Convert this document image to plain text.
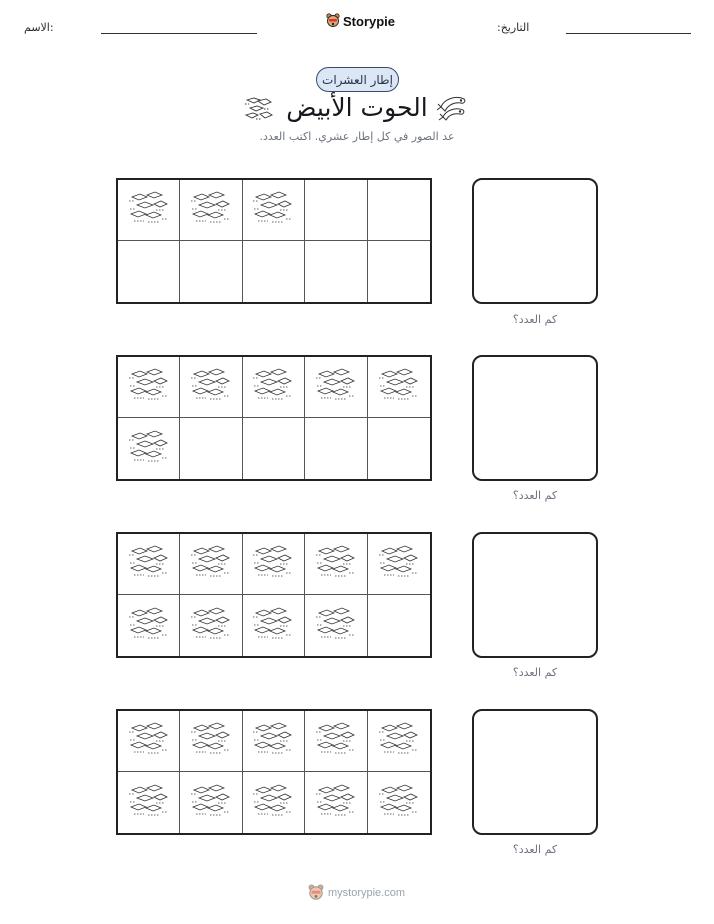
الاسم:	Storypie	التاريخ:
إطار العشرات
الحوت الأبيض
عد الصور في كل إطار عشري. اكتب العدد.
كم العدد؟
كم العدد؟
كم العدد؟
كم العدد؟
mystorypie.com
